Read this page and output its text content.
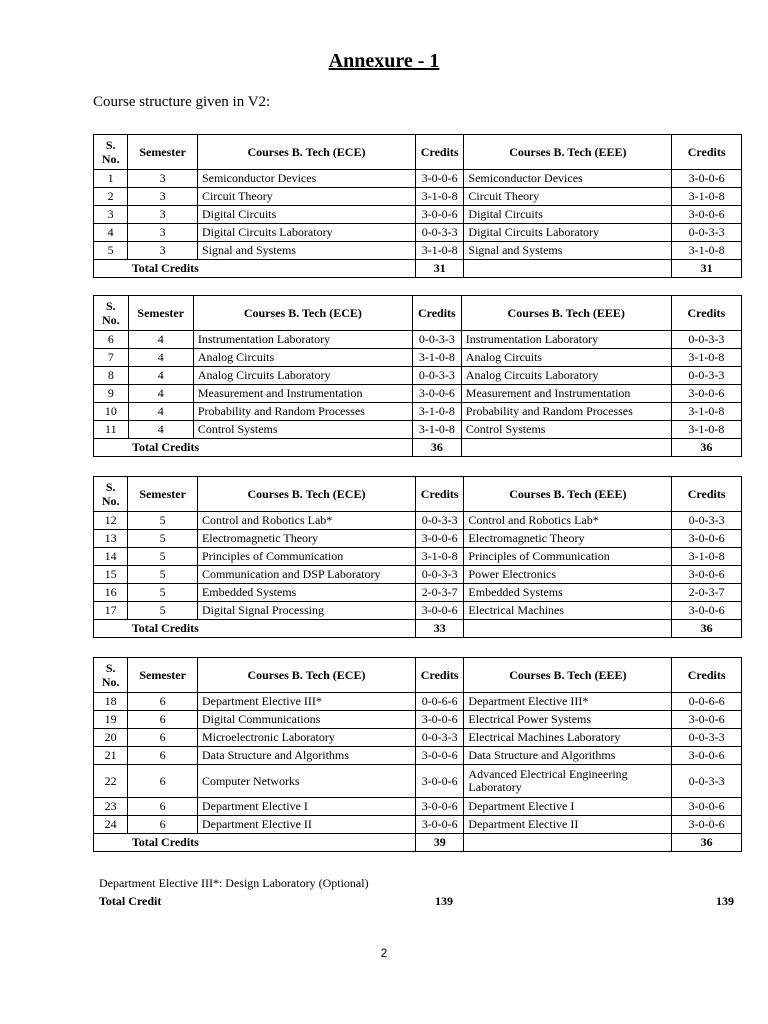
Annexure - 1
Course structure given in V2:
S. No.	Semester	Courses B. Tech (ECE)	Credits	Courses B. Tech (EEE)	Credits
1	3	Semiconductor Devices	3-0-0-6	Semiconductor Devices	3-0-0-6
2	3	Circuit Theory	3-1-0-8	Circuit Theory	3-1-0-8
3	3	Digital Circuits	3-0-0-6	Digital Circuits	3-0-0-6
4	3	Digital Circuits Laboratory	0-0-3-3	Digital Circuits Laboratory	0-0-3-3
5	3	Signal and Systems	3-1-0-8	Signal and Systems	3-1-0-8
	Total Credits		31		31
S. No.	Semester	Courses B. Tech (ECE)	Credits	Courses B. Tech (EEE)	Credits
6	4	Instrumentation Laboratory	0-0-3-3	Instrumentation Laboratory	0-0-3-3
7	4	Analog Circuits	3-1-0-8	Analog Circuits	3-1-0-8
8	4	Analog Circuits Laboratory	0-0-3-3	Analog Circuits Laboratory	0-0-3-3
9	4	Measurement and Instrumentation	3-0-0-6	Measurement and Instrumentation	3-0-0-6
10	4	Probability and Random Processes	3-1-0-8	Probability and Random Processes	3-1-0-8
11	4	Control Systems	3-1-0-8	Control Systems	3-1-0-8
	Total Credits		36		36
S. No.	Semester	Courses B. Tech (ECE)	Credits	Courses B. Tech (EEE)	Credits
12	5	Control and Robotics Lab*	0-0-3-3	Control and Robotics Lab*	0-0-3-3
13	5	Electromagnetic Theory	3-0-0-6	Electromagnetic Theory	3-0-0-6
14	5	Principles of Communication	3-1-0-8	Principles of Communication	3-1-0-8
15	5	Communication and DSP Laboratory	0-0-3-3	Power Electronics	3-0-0-6
16	5	Embedded Systems	2-0-3-7	Embedded Systems	2-0-3-7
17	5	Digital Signal Processing	3-0-0-6	Electrical Machines	3-0-0-6
	Total Credits		33		36
S. No.	Semester	Courses B. Tech (ECE)	Credits	Courses B. Tech (EEE)	Credits
18	6	Department Elective III*	0-0-6-6	Department Elective III*	0-0-6-6
19	6	Digital Communications	3-0-0-6	Electrical Power Systems	3-0-0-6
20	6	Microelectronic Laboratory	0-0-3-3	Electrical Machines Laboratory	0-0-3-3
21	6	Data Structure and Algorithms	3-0-0-6	Data Structure and Algorithms	3-0-0-6
22	6	Computer Networks	3-0-0-6	Advanced Electrical Engineering Laboratory	0-0-3-3
23	6	Department Elective I	3-0-0-6	Department Elective I	3-0-0-6
24	6	Department Elective II	3-0-0-6	Department Elective II	3-0-0-6
	Total Credits		39		36
Department Elective III*: Design Laboratory (Optional)
Total Credit	139	139
2
